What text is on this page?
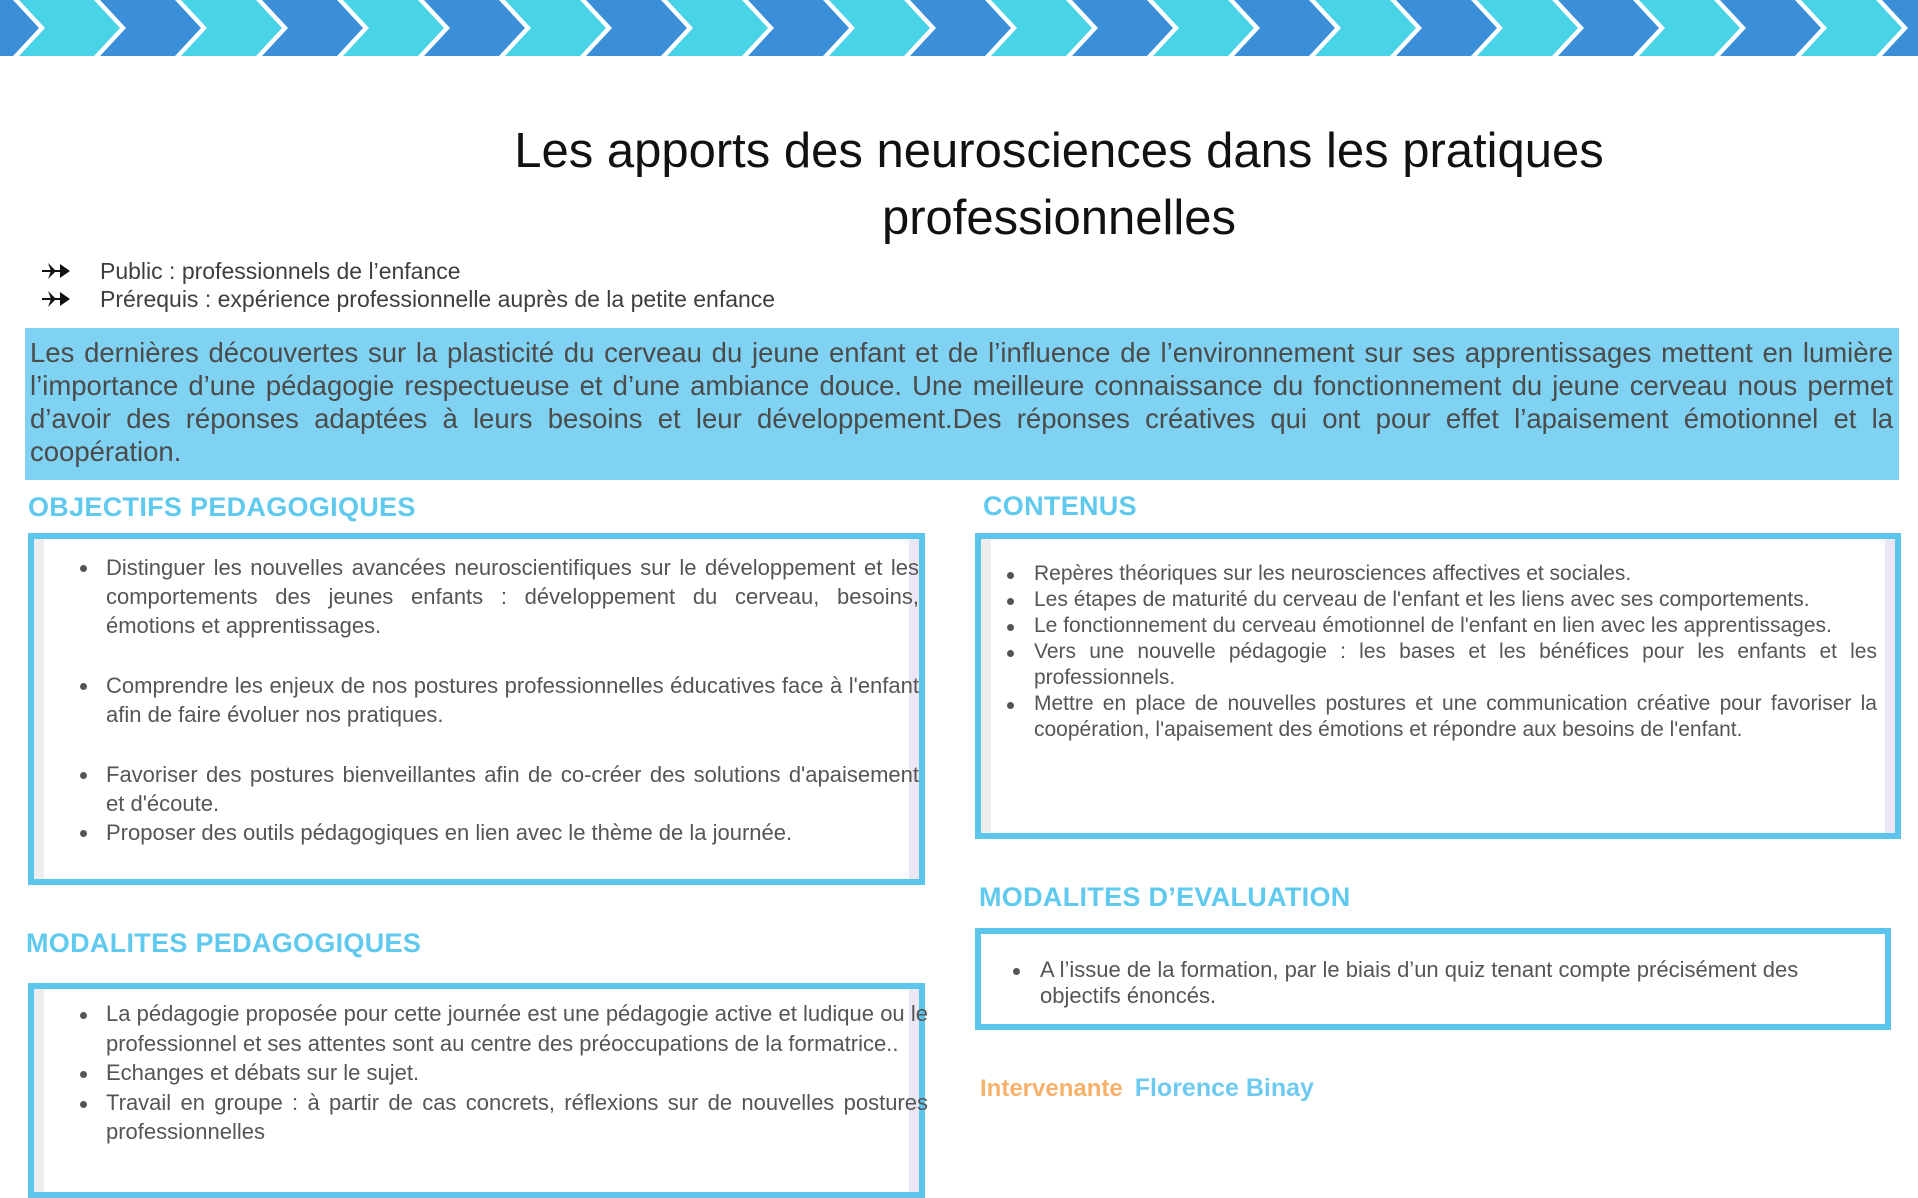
Les apports des neurosciences dans les pratiques professionnelles
Public : professionnels de l’enfance
Prérequis : expérience professionnelle auprès de la petite enfance

Les dernières découvertes sur la plasticité du cerveau du jeune enfant et de l’influence de l’environnement sur ses apprentissages mettent en lumière l’importance d’une pédagogie respectueuse et d’une ambiance douce. Une meilleure connaissance du fonctionnement du jeune cerveau nous permet d’avoir des réponses adaptées à leurs besoins et leur développement.Des réponses créatives qui ont pour effet l’apaisement émotionnel et la coopération.

OBJECTIFS PEDAGOGIQUES
Distinguer les nouvelles avancées neuroscientifiques sur le développement et les comportements des jeunes enfants : développement du cerveau, besoins, émotions et apprentissages.
Comprendre les enjeux de nos postures professionnelles éducatives face à l'enfant afin de faire évoluer nos pratiques.
Favoriser des postures bienveillantes afin de co-créer des solutions d'apaisement et d'écoute.
Proposer des outils pédagogiques en lien avec le thème de la journée.
MODALITES PEDAGOGIQUES
La pédagogie proposée pour cette journée est une pédagogie active et ludique ou le professionnel et ses attentes sont au centre des préoccupations de la formatrice..
Echanges et débats sur le sujet.
Travail en groupe : à partir de cas concrets, réflexions sur de nouvelles postures professionnelles
CONTENUS
Repères théoriques sur les neurosciences affectives et sociales.
Les étapes de maturité du cerveau de l'enfant et les liens avec ses comportements.
Le fonctionnement du cerveau émotionnel de l'enfant en lien avec les apprentissages.
Vers une nouvelle pédagogie : les bases et les bénéfices pour les enfants et les professionnels.
Mettre en place de nouvelles postures et une communication créative pour favoriser la coopération, l'apaisement des émotions et répondre aux besoins de l'enfant.
MODALITES D’EVALUATION
A l’issue de la formation, par le biais d’un quiz tenant compte précisément des objectifs énoncés.
Intervenante Florence Binay
